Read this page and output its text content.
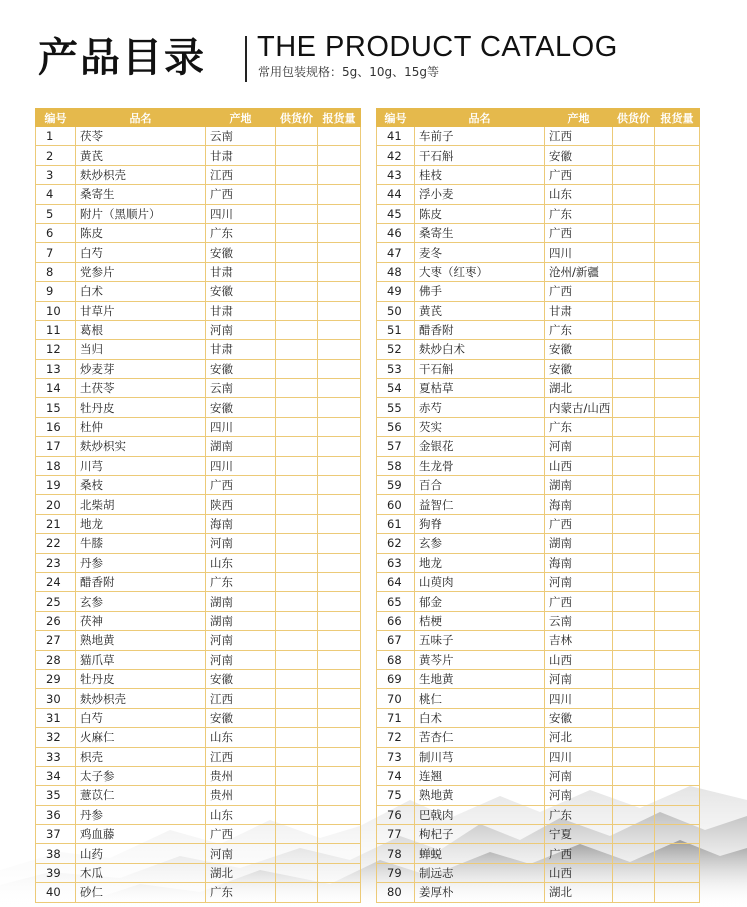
产品目录 THE PRODUCT CATALOG
常用包装规格：5g、10g、15g等
编号	品名	产地	供货价	报货量
1	茯苓	云南		
2	黄芪	甘肃		
3	麸炒枳壳	江西		
4	桑寄生	广西		
5	附片（黑顺片）	四川		
6	陈皮	广东		
7	白芍	安徽		
8	党参片	甘肃		
9	白术	安徽		
10	甘草片	甘肃		
11	葛根	河南		
12	当归	甘肃		
13	炒麦芽	安徽		
14	土茯苓	云南		
15	牡丹皮	安徽		
16	杜仲	四川		
17	麸炒枳实	湖南		
18	川芎	四川		
19	桑枝	广西		
20	北柴胡	陕西		
21	地龙	海南		
22	牛膝	河南		
23	丹参	山东		
24	醋香附	广东		
25	玄参	湖南		
26	茯神	湖南		
27	熟地黄	河南		
28	猫爪草	河南		
29	牡丹皮	安徽		
30	麸炒枳壳	江西		
31	白芍	安徽		
32	火麻仁	山东		
33	枳壳	江西		
34	太子参	贵州		
35	薏苡仁	贵州		
36	丹参	山东		
37	鸡血藤	广西		
38	山药	河南		
39	木瓜	湖北		
40	砂仁	广东		
编号	品名	产地	供货价	报货量
41	车前子	江西		
42	干石斛	安徽		
43	桂枝	广西		
44	浮小麦	山东		
45	陈皮	广东		
46	桑寄生	广西		
47	麦冬	四川		
48	大枣（红枣）	沧州/新疆		
49	佛手	广西		
50	黄芪	甘肃		
51	醋香附	广东		
52	麸炒白术	安徽		
53	干石斛	安徽		
54	夏枯草	湖北		
55	赤芍	内蒙古/山西		
56	芡实	广东		
57	金银花	河南		
58	生龙骨	山西		
59	百合	湖南		
60	益智仁	海南		
61	狗脊	广西		
62	玄参	湖南		
63	地龙	海南		
64	山萸肉	河南		
65	郁金	广西		
66	桔梗	云南		
67	五味子	吉林		
68	黄芩片	山西		
69	生地黄	河南		
70	桃仁	四川		
71	白术	安徽		
72	苦杏仁	河北		
73	制川芎	四川		
74	连翘	河南		
75	熟地黄	河南		
76	巴戟肉	广东		
77	枸杞子	宁夏		
78	蝉蜕	广西		
79	制远志	山西		
80	姜厚朴	湖北		
